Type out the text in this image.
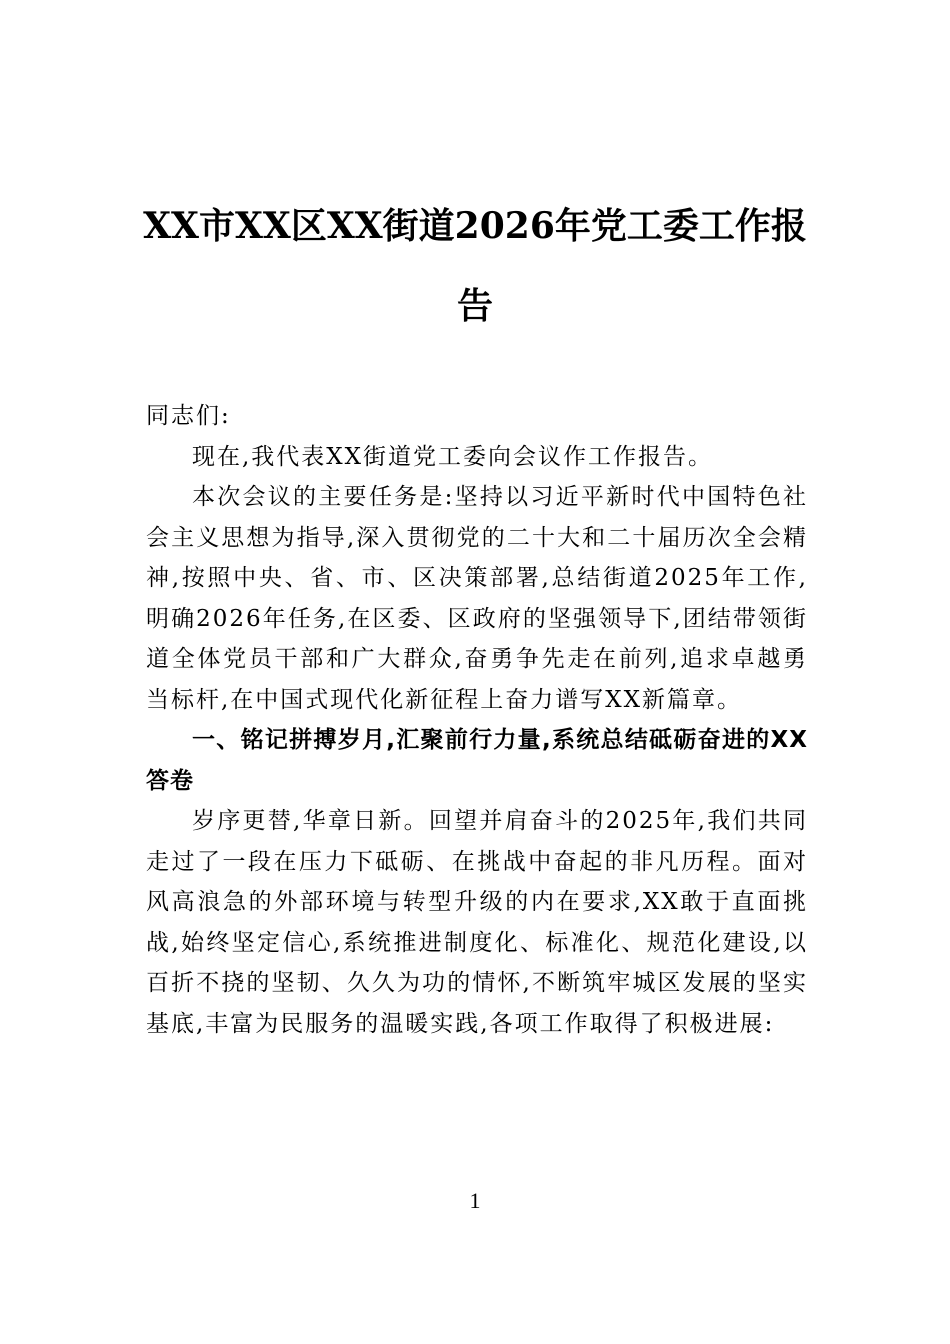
XX市XX区XX街道2026年党工委工作报告

同志们:

现在,我代表XX街道党工委向会议作工作报告。

本次会议的主要任务是:坚持以习近平新时代中国特色社会主义思想为指导,深入贯彻党的二十大和二十届历次全会精神,按照中央、省、市、区决策部署,总结街道2025年工作,明确2026年任务,在区委、区政府的坚强领导下,团结带领街道全体党员干部和广大群众,奋勇争先走在前列,追求卓越勇当标杆,在中国式现代化新征程上奋力谱写XX新篇章。

一、铭记拼搏岁月,汇聚前行力量,系统总结砥砺奋进的XX答卷

岁序更替,华章日新。回望并肩奋斗的2025年,我们共同走过了一段在压力下砥砺、在挑战中奋起的非凡历程。面对风高浪急的外部环境与转型升级的内在要求,XX敢于直面挑战,始终坚定信心,系统推进制度化、标准化、规范化建设,以百折不挠的坚韧、久久为功的情怀,不断筑牢城区发展的坚实基底,丰富为民服务的温暖实践,各项工作取得了积极进展:

1
